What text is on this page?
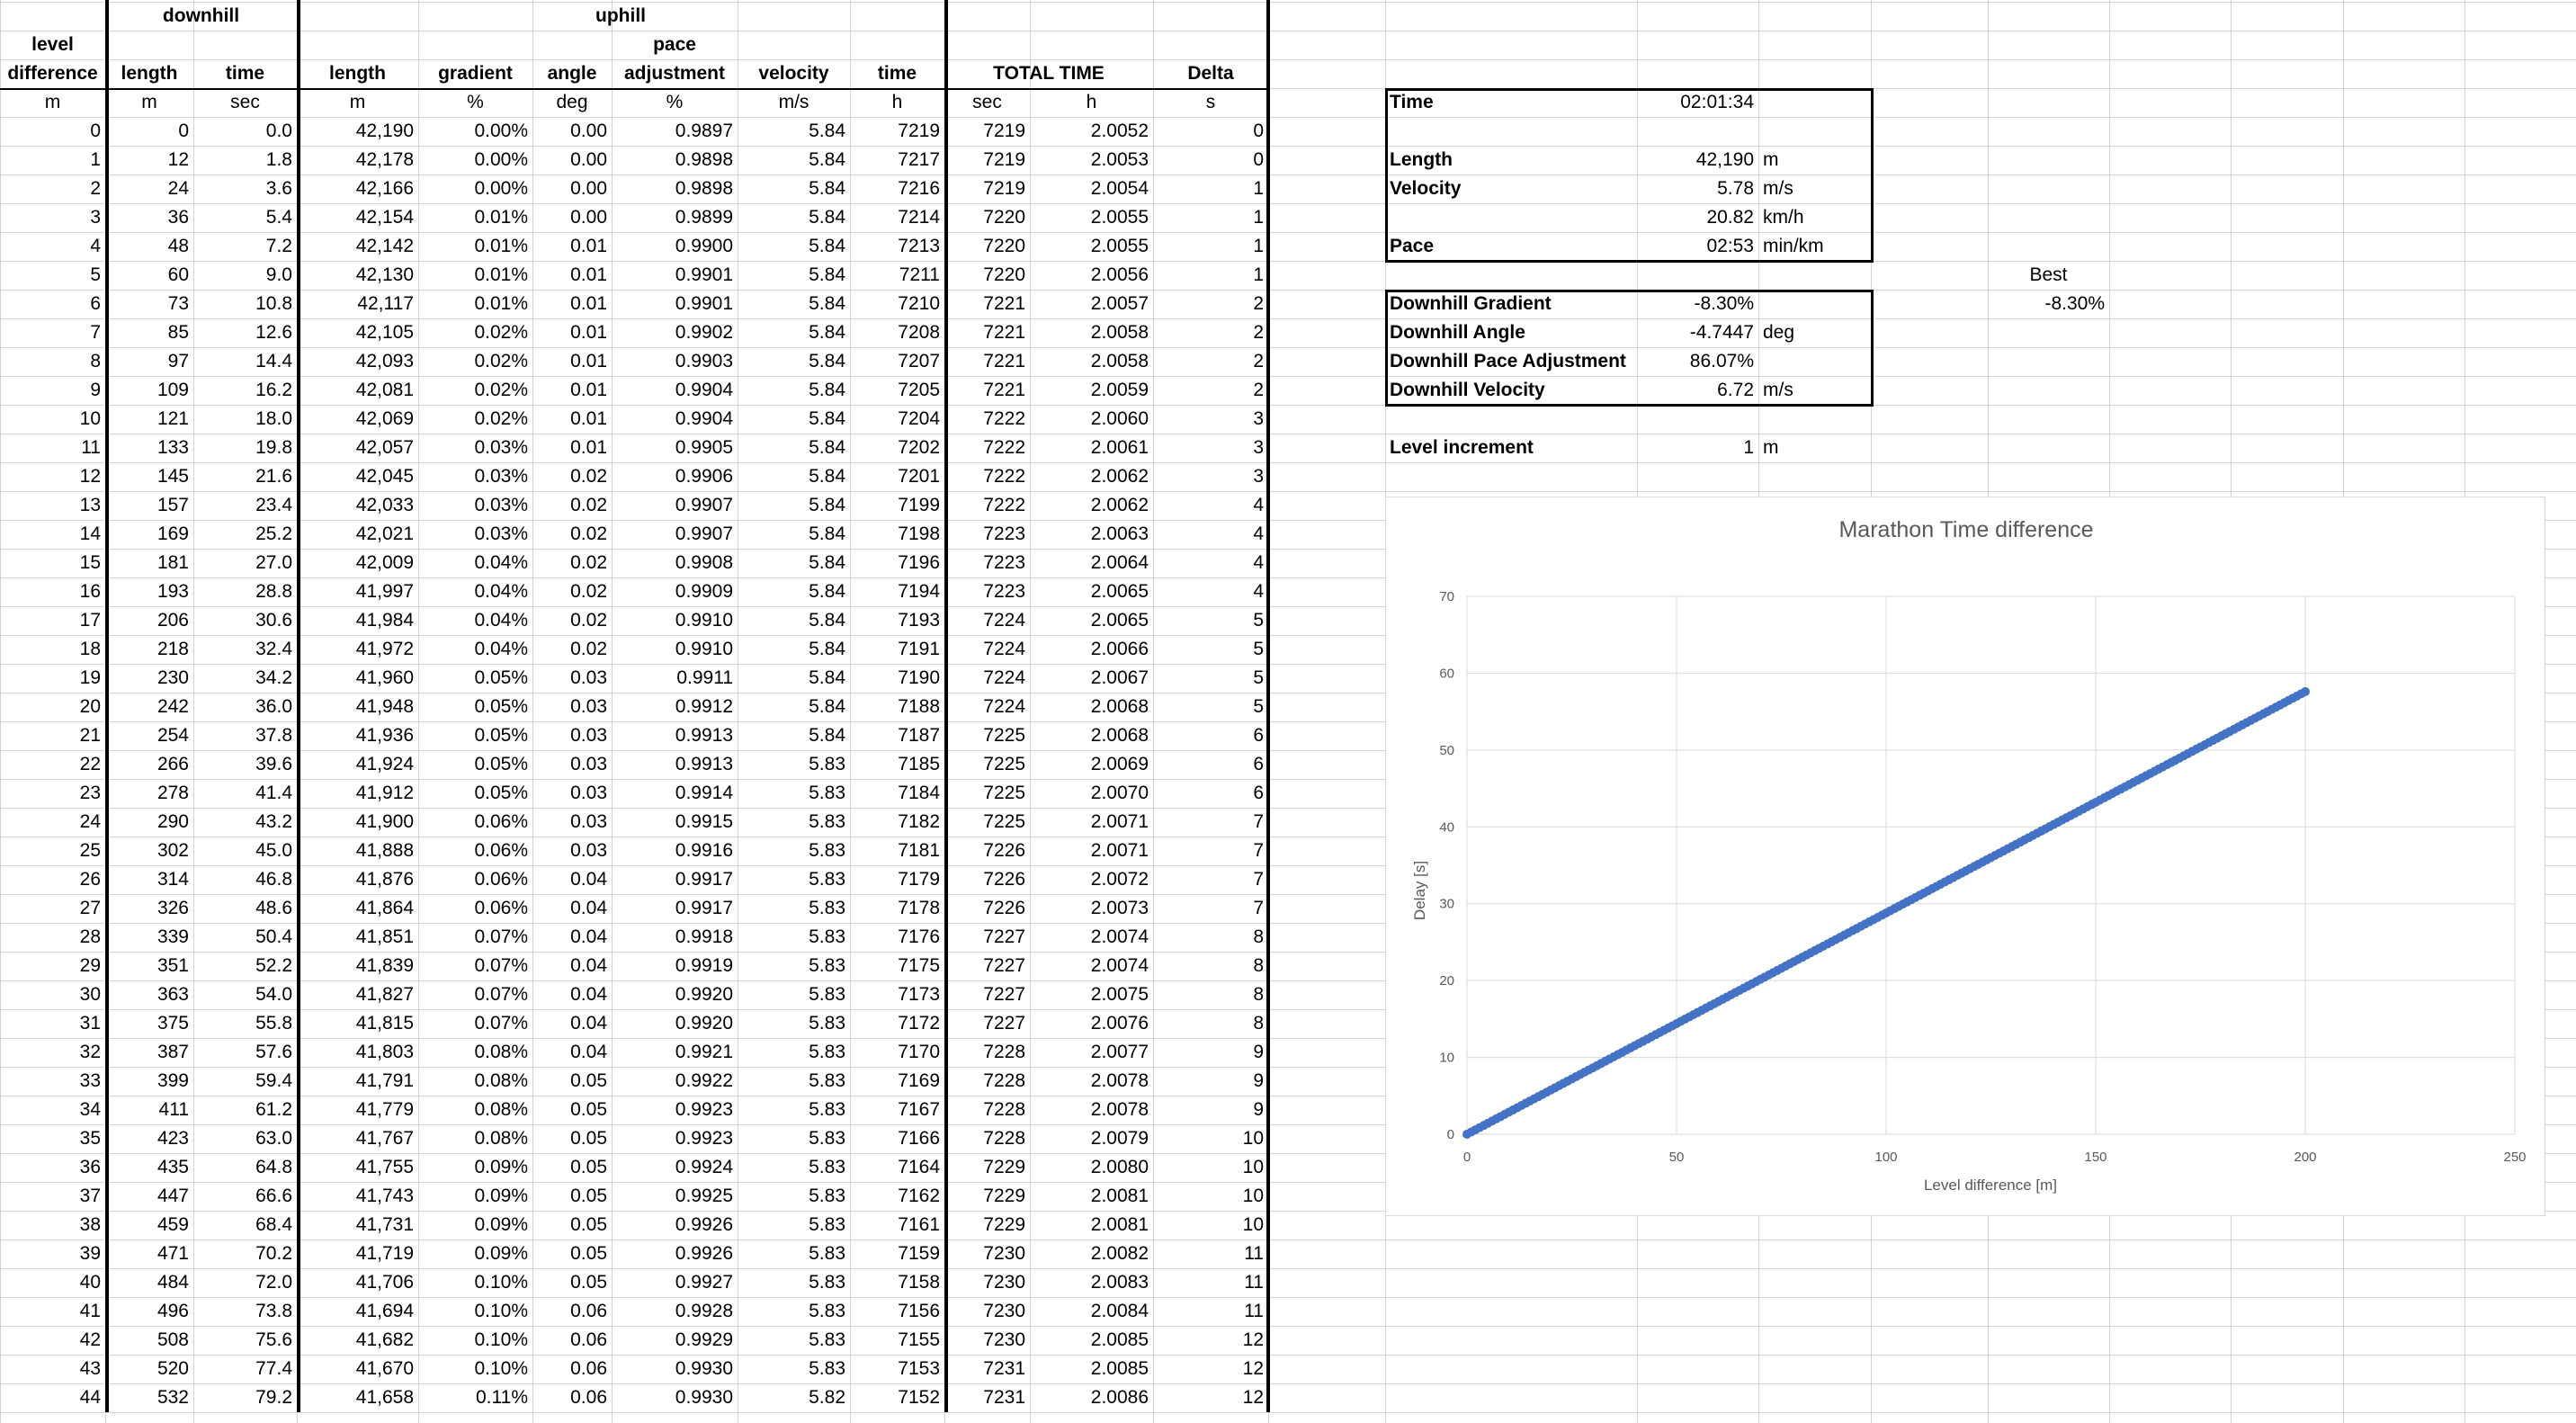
downhill	uphill
level	pace
difference	length	time	length	gradient	angle	adjustment	velocity	time	TOTAL TIME	Delta
m	m	sec	m	%	deg	%	m/s	h	sec	h	s
0	0	0.0	42,190	0.00%	0.00	0.9897	5.84	7219	7219	2.0052	0
1	12	1.8	42,178	0.00%	0.00	0.9898	5.84	7217	7219	2.0053	0
2	24	3.6	42,166	0.00%	0.00	0.9898	5.84	7216	7219	2.0054	1
3	36	5.4	42,154	0.01%	0.00	0.9899	5.84	7214	7220	2.0055	1
4	48	7.2	42,142	0.01%	0.01	0.9900	5.84	7213	7220	2.0055	1
5	60	9.0	42,130	0.01%	0.01	0.9901	5.84	7211	7220	2.0056	1
6	73	10.8	42,117	0.01%	0.01	0.9901	5.84	7210	7221	2.0057	2
7	85	12.6	42,105	0.02%	0.01	0.9902	5.84	7208	7221	2.0058	2
8	97	14.4	42,093	0.02%	0.01	0.9903	5.84	7207	7221	2.0058	2
9	109	16.2	42,081	0.02%	0.01	0.9904	5.84	7205	7221	2.0059	2
10	121	18.0	42,069	0.02%	0.01	0.9904	5.84	7204	7222	2.0060	3
11	133	19.8	42,057	0.03%	0.01	0.9905	5.84	7202	7222	2.0061	3
12	145	21.6	42,045	0.03%	0.02	0.9906	5.84	7201	7222	2.0062	3
13	157	23.4	42,033	0.03%	0.02	0.9907	5.84	7199	7222	2.0062	4
14	169	25.2	42,021	0.03%	0.02	0.9907	5.84	7198	7223	2.0063	4
15	181	27.0	42,009	0.04%	0.02	0.9908	5.84	7196	7223	2.0064	4
16	193	28.8	41,997	0.04%	0.02	0.9909	5.84	7194	7223	2.0065	4
17	206	30.6	41,984	0.04%	0.02	0.9910	5.84	7193	7224	2.0065	5
18	218	32.4	41,972	0.04%	0.02	0.9910	5.84	7191	7224	2.0066	5
19	230	34.2	41,960	0.05%	0.03	0.9911	5.84	7190	7224	2.0067	5
20	242	36.0	41,948	0.05%	0.03	0.9912	5.84	7188	7224	2.0068	5
21	254	37.8	41,936	0.05%	0.03	0.9913	5.84	7187	7225	2.0068	6
22	266	39.6	41,924	0.05%	0.03	0.9913	5.83	7185	7225	2.0069	6
23	278	41.4	41,912	0.05%	0.03	0.9914	5.83	7184	7225	2.0070	6
24	290	43.2	41,900	0.06%	0.03	0.9915	5.83	7182	7225	2.0071	7
25	302	45.0	41,888	0.06%	0.03	0.9916	5.83	7181	7226	2.0071	7
26	314	46.8	41,876	0.06%	0.04	0.9917	5.83	7179	7226	2.0072	7
27	326	48.6	41,864	0.06%	0.04	0.9917	5.83	7178	7226	2.0073	7
28	339	50.4	41,851	0.07%	0.04	0.9918	5.83	7176	7227	2.0074	8
29	351	52.2	41,839	0.07%	0.04	0.9919	5.83	7175	7227	2.0074	8
30	363	54.0	41,827	0.07%	0.04	0.9920	5.83	7173	7227	2.0075	8
31	375	55.8	41,815	0.07%	0.04	0.9920	5.83	7172	7227	2.0076	8
32	387	57.6	41,803	0.08%	0.04	0.9921	5.83	7170	7228	2.0077	9
33	399	59.4	41,791	0.08%	0.05	0.9922	5.83	7169	7228	2.0078	9
34	411	61.2	41,779	0.08%	0.05	0.9923	5.83	7167	7228	2.0078	9
35	423	63.0	41,767	0.08%	0.05	0.9923	5.83	7166	7228	2.0079	10
36	435	64.8	41,755	0.09%	0.05	0.9924	5.83	7164	7229	2.0080	10
37	447	66.6	41,743	0.09%	0.05	0.9925	5.83	7162	7229	2.0081	10
38	459	68.4	41,731	0.09%	0.05	0.9926	5.83	7161	7229	2.0081	10
39	471	70.2	41,719	0.09%	0.05	0.9926	5.83	7159	7230	2.0082	11
40	484	72.0	41,706	0.10%	0.05	0.9927	5.83	7158	7230	2.0083	11
41	496	73.8	41,694	0.10%	0.06	0.9928	5.83	7156	7230	2.0084	11
42	508	75.6	41,682	0.10%	0.06	0.9929	5.83	7155	7230	2.0085	12
43	520	77.4	41,670	0.10%	0.06	0.9930	5.83	7153	7231	2.0085	12
44	532	79.2	41,658	0.11%	0.06	0.9930	5.82	7152	7231	2.0086	12
Time	02:01:34
Length	42,190 m
Velocity	5.78 m/s
20.82 km/h
Pace	02:53 min/km
Downhill Gradient	-8.30%
Downhill Angle	-4.7447 deg
Downhill Pace Adjustment	86.07%
Downhill Velocity	6.72 m/s
Level increment	1 m
Best
-8.30%
Marathon Time difference
Level difference [m]
Delay [s]
0
10
20
30
40
50
60
70
0	50	100	150	200	250
